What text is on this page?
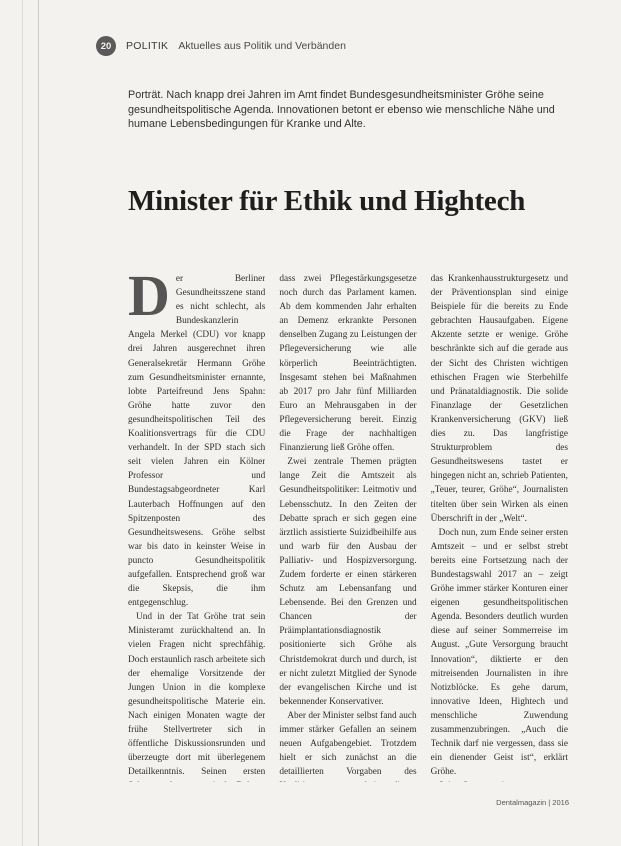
20	POLITIK Aktuelles aus Politik und Verbänden
Porträt. Nach knapp drei Jahren im Amt findet Bundesgesundheitsminister Gröhe seine gesundheitspolitische Agenda. Innovationen betont er ebenso wie menschliche Nähe und humane Lebensbedingungen für Kranke und Alte.
Minister für Ethik und Hightech

Der Berliner Gesundheitsszene stand es nicht schlecht, als Bundeskanzlerin Angela Merkel (CDU) vor knapp drei Jahren ausgerechnet ihren Generalsekretär Hermann Gröhe zum Gesundheitsminister ernannte, lobte Parteifreund Jens Spahn: Gröhe hatte zuvor den gesundheitspolitischen Teil des Koalitionsvertrags für die CDU verhandelt. In der SPD stach sich seit vielen Jahren ein Kölner Professor und Bundestagsabgeordneter Karl Lauterbach Hoffnungen auf den Spitzenposten des Gesundheitswesens. Gröhe selbst war bis dato in keinster Weise in puncto Gesundheitspolitik aufgefallen. Entsprechend groß war die Skepsis, die ihm entgegenschlug.

Und in der Tat Gröhe trat sein Ministeramt zurückhaltend an. In vielen Fragen nicht sprechfähig. Doch erstaunlich rasch arbeitete sich der ehemalige Vorsitzende der Jungen Union in die komplexe gesundheitspolitische Materie ein. Nach einigen Monaten wagte der frühe Stellvertreter sich in öffentliche Diskussionsrunden und überzeugte dort mit überlegenem Detailkenntnis. Seinen ersten

dass zwei Pflegestärkungsgesetze noch durch das Parlament kamen. Ab dem kommenden Jahr erhalten an Demenz erkrankte Personen denselben Zugang zu Leistungen der Pflegeversicherung wie alle körperlich Beeinträchtigten. Insgesamt stehen bei Maßnahmen ab 2017 pro Jahr fünf Milliarden Euro an Mehrausgaben in der Pflegeversicherung bereit. Einzig die Frage der nachhaltigen Finanzierung ließ Gröhe offen.

Zwei zentrale Themen prägten lange Zeit die Amtszeit als Gesundheitspolitiker: Leitmotiv und Lebensschutz. In den Zeiten der Debatte sprach er sich gegen eine ärztlich assistierte Suizidbeihilfe aus und warb für den Ausbau der Palliativ- und Hospizversorgung. Zudem forderte er einen stärkeren Schutz am Lebensanfang und Lebensende. Bei den Grenzen und Chancen der Präimplantationsdiagnostik positionierte sich Gröhe als Christdemokrat durch und durch, ist er nicht zuletzt Mitglied der Synode der evangelischen Kirche und ist bekennender Konservativer.

Aber der Minister selbst fand auch immer stärker Gefallen an seinem neuen Aufgabengebiet. Trotzdem hielt er sich zunächst an die detaillierten Vorgaben des

das Krankenhausstrukturgesetz und der Präventionsplan sind einige Beispiele für die bereits zu Ende gebrachten Hausaufgaben. Eigene Akzente setzte er wenige. Gröhe beschränkte sich auf die gerade aus der Sicht des Christen wichtigen ethischen Fragen wie Sterbehilfe und Pränataldiagnostik. Die solide Finanzlage der Gesetzlichen Krankenversicherung (GKV) ließ dies zu. Das langfristige Strukturproblem des Gesundheitswesens tastet er hingegen nicht an, schrieb Patienten, „Teuer, teurer, Gröhe“, Journalisten titelten über sein Wirken als einen Überschrift in der „Welt“.

Doch nun, zum Ende seiner ersten Amtszeit – und er selbst strebt bereits eine Fortsetzung nach der Bundestagswahl 2017 an – zeigt Gröhe immer stärker Konturen einer eigenen gesundheitspolitischen Agenda. Besonders deutlich wurden diese auf seiner Sommerreise im August. „Gute Versorgung braucht Innovation“, diktierte er den mitreisenden Journalisten in ihre Notizblöcke. Es gehe darum, innovative Ideen, Hightech und menschliche Zuwendung zusammenzubringen. „Auch die Technik darf nie vergessen, dass sie ein dienender Geist ist“, erklärt Gröhe.

Dentalmagazin | 2016
